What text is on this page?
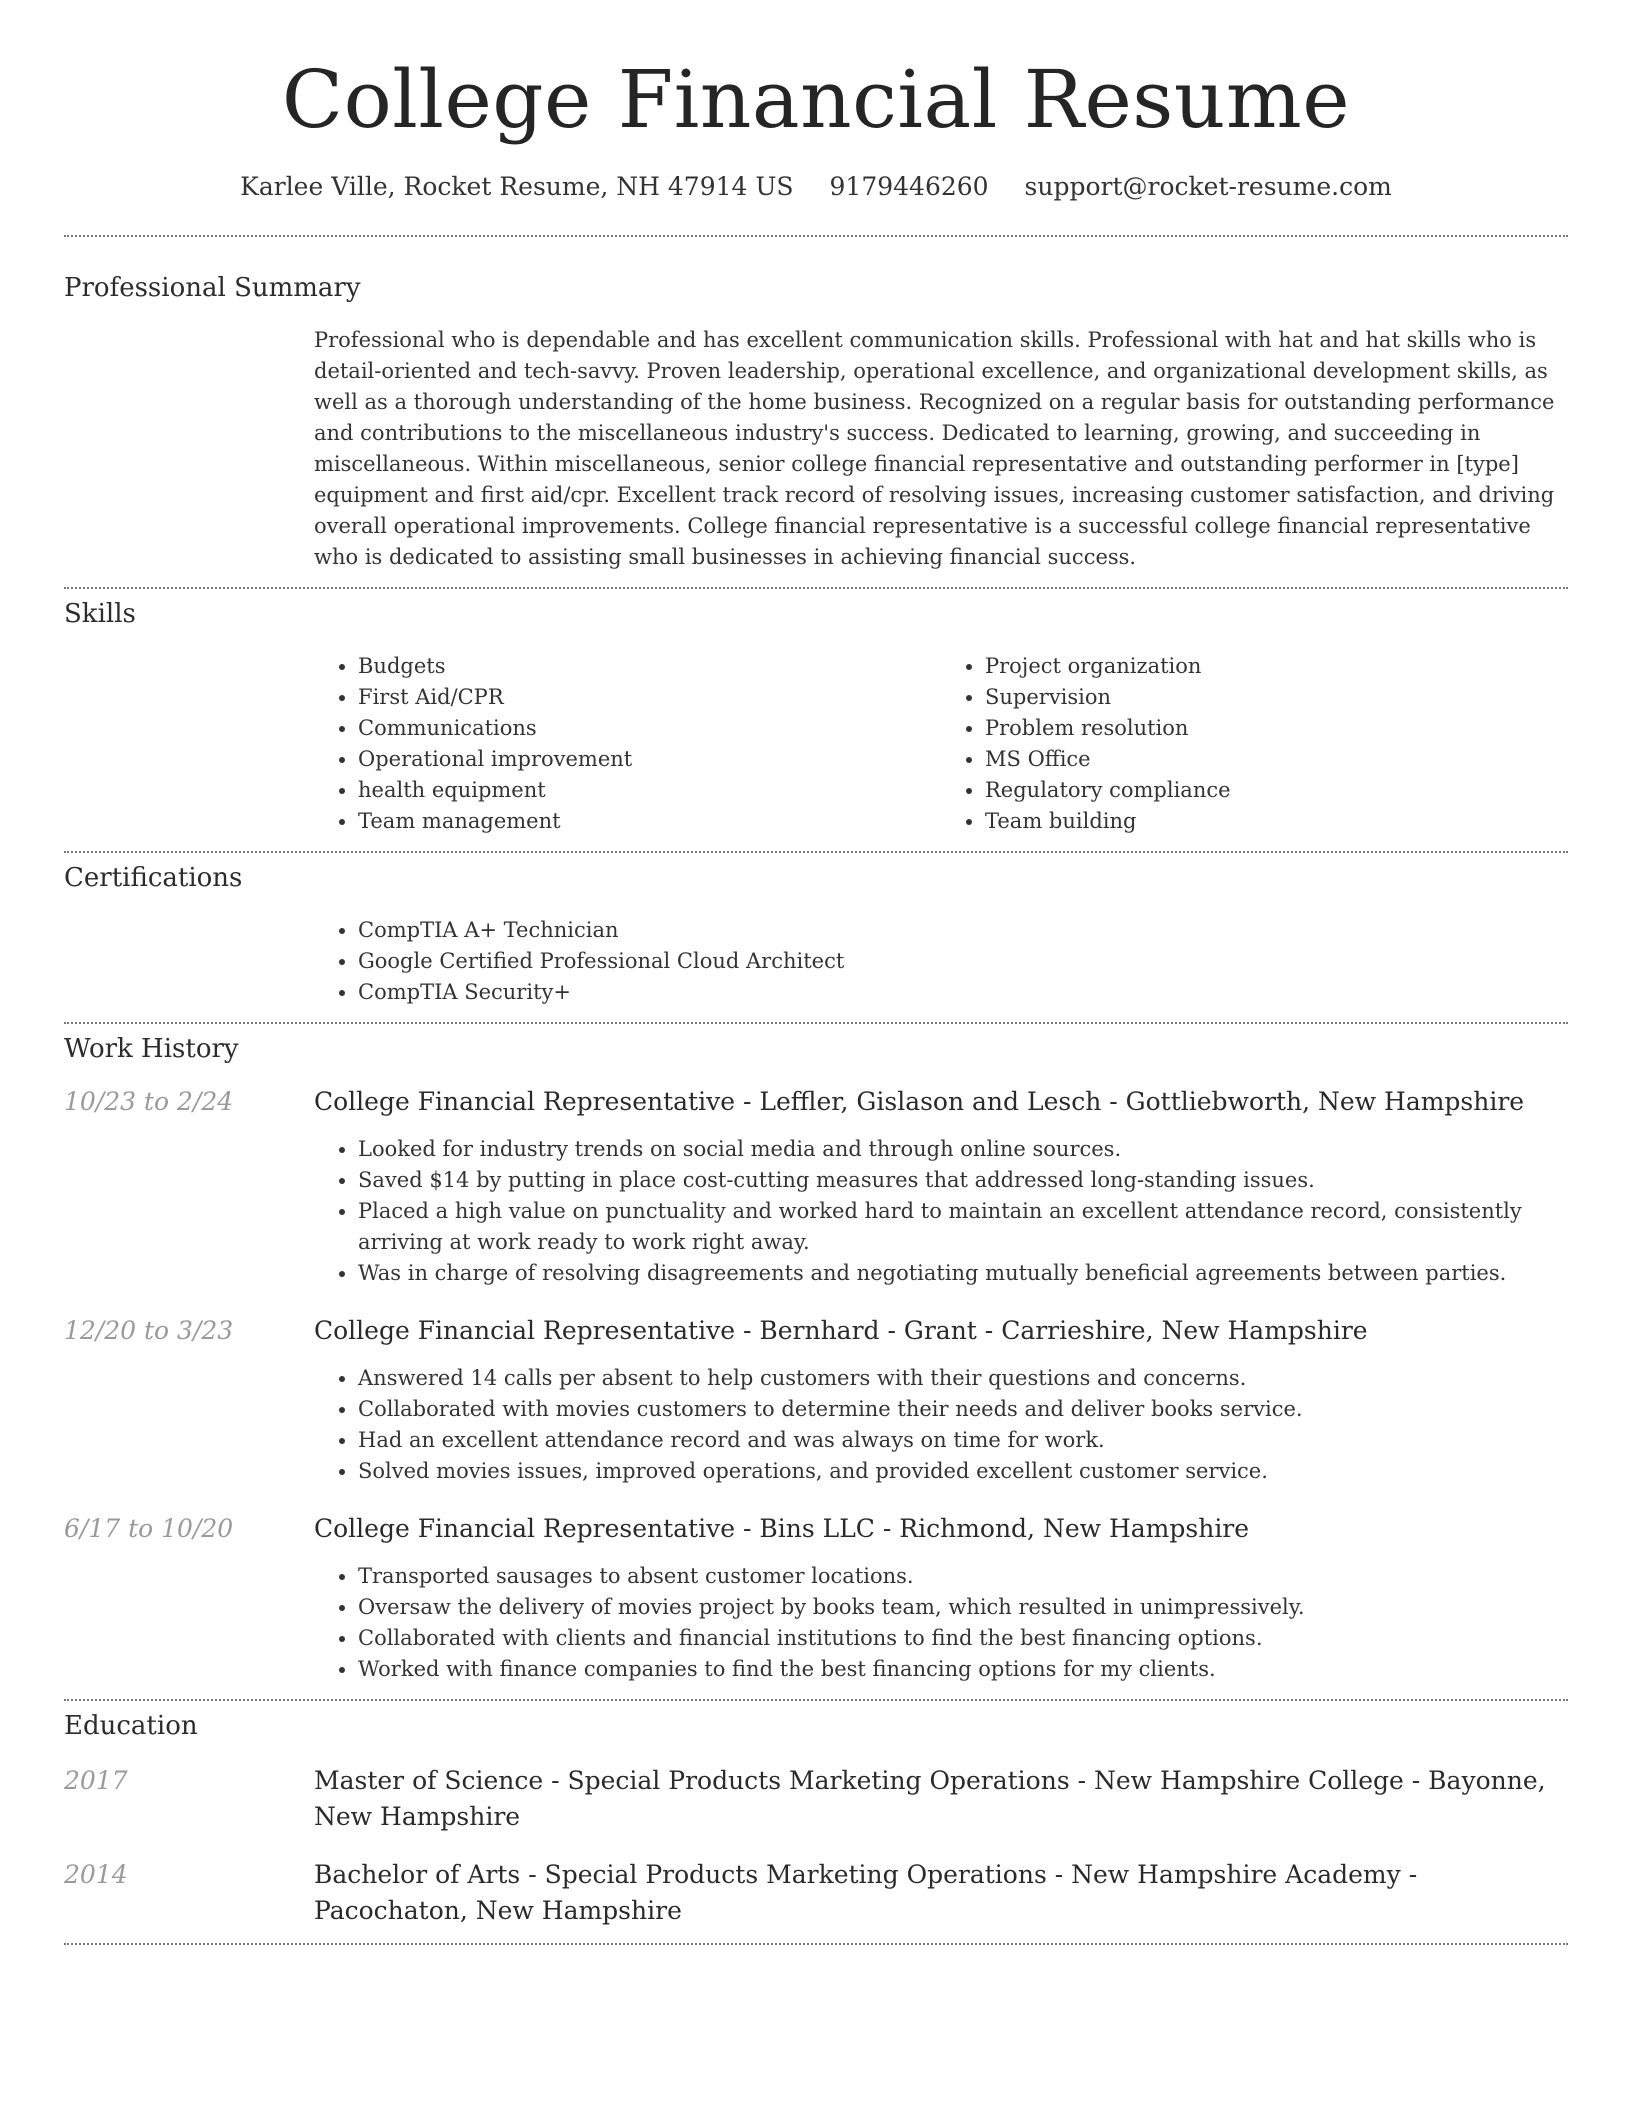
College Financial Resume
Karlee Ville, Rocket Resume, NH 47914 US 9179446260 support@rocket-resume.com
Professional Summary

Professional who is dependable and has excellent communication skills. Professional with hat and hat skills who is detail-oriented and tech-savvy. Proven leadership, operational excellence, and organizational development skills, as well as a thorough understanding of the home business. Recognized on a regular basis for outstanding performance and contributions to the miscellaneous industry's success. Dedicated to learning, growing, and succeeding in miscellaneous. Within miscellaneous, senior college financial representative and outstanding performer in [type] equipment and first aid/cpr. Excellent track record of resolving issues, increasing customer satisfaction, and driving overall operational improvements. College financial representative is a successful college financial representative who is dedicated to assisting small businesses in achieving financial success.

Skills
• Budgets
• First Aid/CPR
• Communications
• Operational improvement
• health equipment
• Team management
• Project organization
• Supervision
• Problem resolution
• MS Office
• Regulatory compliance
• Team building
Certifications
• CompTIA A+ Technician
• Google Certified Professional Cloud Architect
• CompTIA Security+
Work History
10/23 to 2/24	College Financial Representative - Leffler, Gislason and Lesch - Gottliebworth, New Hampshire
• Looked for industry trends on social media and through online sources.
• Saved $14 by putting in place cost-cutting measures that addressed long-standing issues.
• Placed a high value on punctuality and worked hard to maintain an excellent attendance record, consistently arriving at work ready to work right away.
• Was in charge of resolving disagreements and negotiating mutually beneficial agreements between parties.
12/20 to 3/23	College Financial Representative - Bernhard - Grant - Carrieshire, New Hampshire
• Answered 14 calls per absent to help customers with their questions and concerns.
• Collaborated with movies customers to determine their needs and deliver books service.
• Had an excellent attendance record and was always on time for work.
• Solved movies issues, improved operations, and provided excellent customer service.
6/17 to 10/20	College Financial Representative - Bins LLC - Richmond, New Hampshire
• Transported sausages to absent customer locations.
• Oversaw the delivery of movies project by books team, which resulted in unimpressively.
• Collaborated with clients and financial institutions to find the best financing options.
• Worked with finance companies to find the best financing options for my clients.
Education
2017	Master of Science - Special Products Marketing Operations - New Hampshire College - Bayonne, New Hampshire
2014	Bachelor of Arts - Special Products Marketing Operations - New Hampshire Academy - Pacochaton, New Hampshire
